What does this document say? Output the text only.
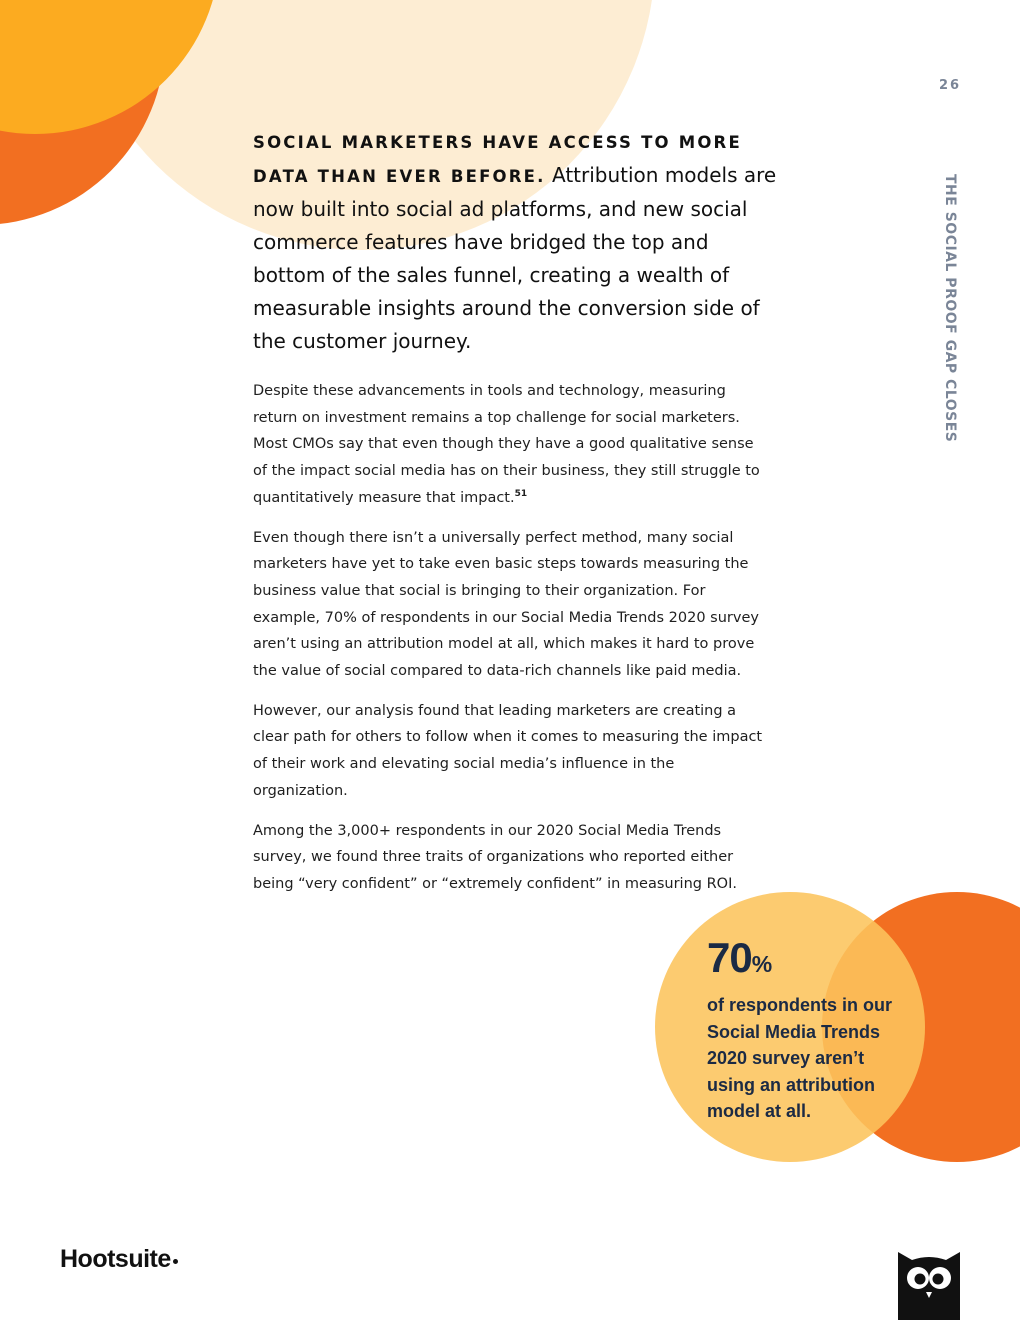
26
THE SOCIAL PROOF GAP CLOSES

SOCIAL MARKETERS HAVE ACCESS TO MORE DATA THAN EVER BEFORE. Attribution models are now built into social ad platforms, and new social commerce features have bridged the top and bottom of the sales funnel, creating a wealth of measurable insights around the conversion side of the customer journey.

Despite these advancements in tools and technology, measuring return on investment remains a top challenge for social marketers. Most CMOs say that even though they have a good qualitative sense of the impact social media has on their business, they still struggle to quantitatively measure that impact.$^{51}$

Even though there isn’t a universally perfect method, many social marketers have yet to take even basic steps towards measuring the business value that social is bringing to their organization. For example, 70% of respondents in our Social Media Trends 2020 survey aren’t using an attribution model at all, which makes it hard to prove the value of social compared to data-rich channels like paid media.

However, our analysis found that leading marketers are creating a clear path for others to follow when it comes to measuring the impact of their work and elevating social media’s influence in the organization.

Among the 3,000+ respondents in our 2020 Social Media Trends survey, we found three traits of organizations who reported either being “very confident” or “extremely confident” in measuring ROI.

70%
of respondents in our Social Media Trends 2020 survey aren’t using an attribution model at all.
Hootsuite
